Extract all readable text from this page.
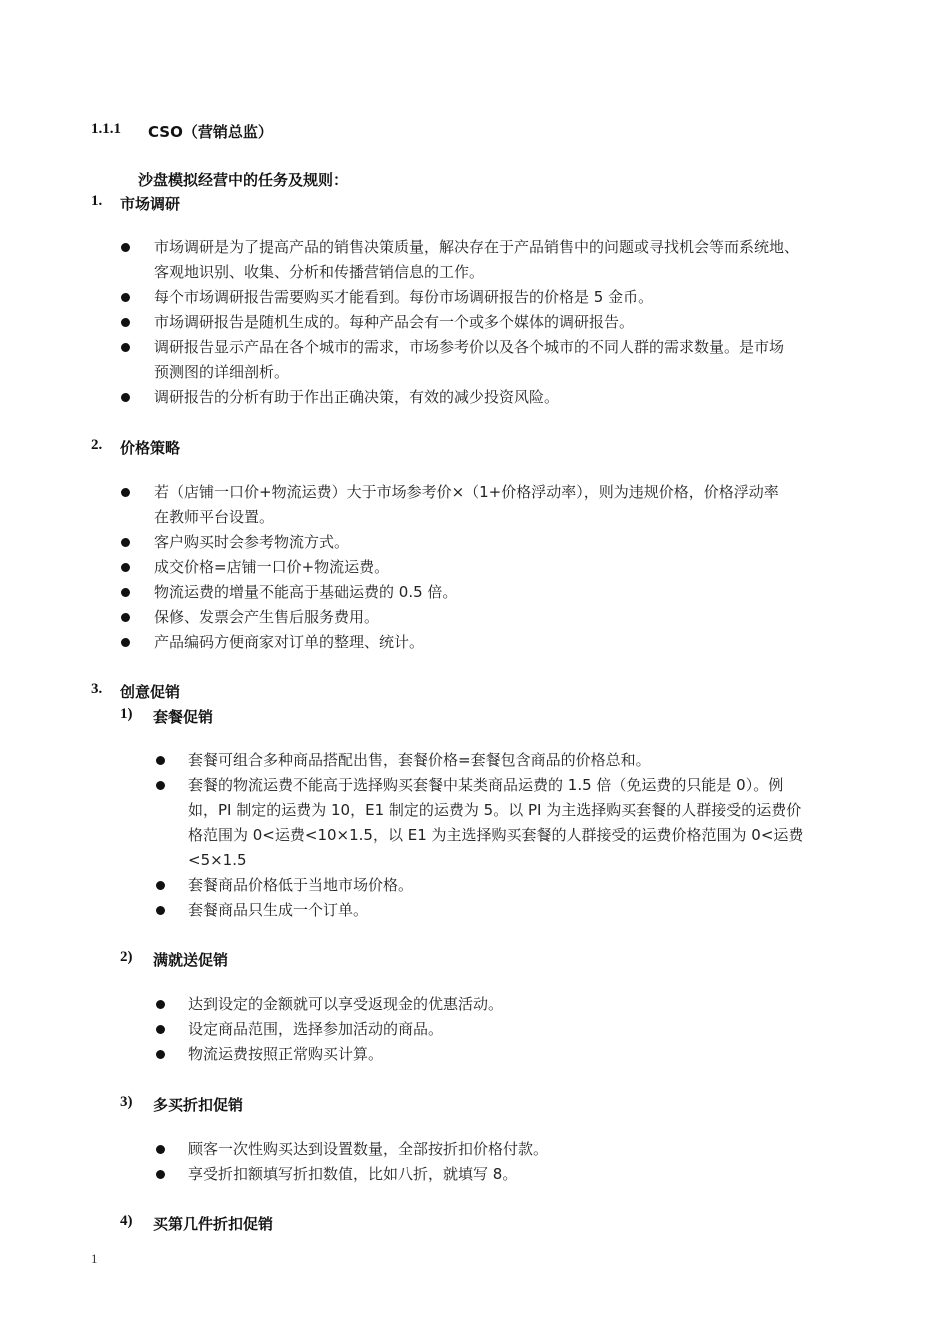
1.1.1 CSO（营销总监）
沙盘模拟经营中的任务及规则：
1. 市场调研
市场调研是为了提高产品的销售决策质量，解决存在于产品销售中的问题或寻找机会等而系统地、
客观地识别、收集、分析和传播营销信息的工作。
每个市场调研报告需要购买才能看到。每份市场调研报告的价格是 5 金币。
市场调研报告是随机生成的。每种产品会有一个或多个媒体的调研报告。
调研报告显示产品在各个城市的需求，市场参考价以及各个城市的不同人群的需求数量。是市场
预测图的详细剖析。
调研报告的分析有助于作出正确决策，有效的减少投资风险。
2. 价格策略
若（店铺一口价+物流运费）大于市场参考价×（1+价格浮动率），则为违规价格，价格浮动率
在教师平台设置。
客户购买时会参考物流方式。
成交价格=店铺一口价+物流运费。
物流运费的增量不能高于基础运费的 0.5 倍。
保修、发票会产生售后服务费用。
产品编码方便商家对订单的整理、统计。
3. 创意促销
1) 套餐促销
套餐可组合多种商品搭配出售，套餐价格=套餐包含商品的价格总和。
套餐的物流运费不能高于选择购买套餐中某类商品运费的 1.5 倍（免运费的只能是 0）。例
如，PI 制定的运费为 10，E1 制定的运费为 5。以 PI 为主选择购买套餐的人群接受的运费价
格范围为 0<运费<10×1.5，以 E1 为主选择购买套餐的人群接受的运费价格范围为 0<运费
<5×1.5
套餐商品价格低于当地市场价格。
套餐商品只生成一个订单。
2) 满就送促销
达到设定的金额就可以享受返现金的优惠活动。
设定商品范围，选择参加活动的商品。
物流运费按照正常购买计算。
3) 多买折扣促销
顾客一次性购买达到设置数量，全部按折扣价格付款。
享受折扣额填写折扣数值，比如八折，就填写 8。
4) 买第几件折扣促销
1
